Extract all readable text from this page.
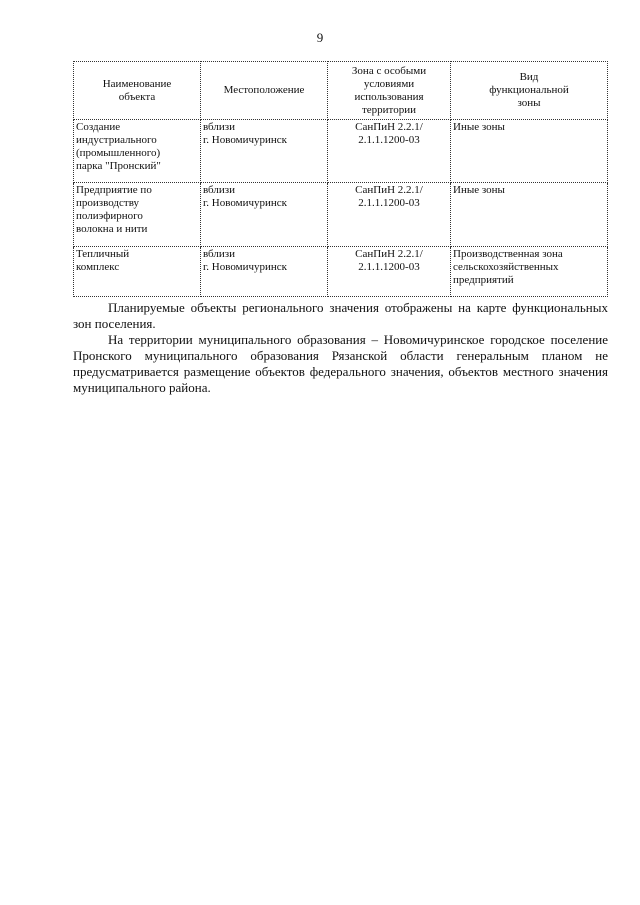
9
Наименование
объекта	Местоположение	Зона с особыми
условиями
использования
территории	Вид
функциональной
зоны

Создание
индустриального
(промышленного)
парка "Пронский"	вблизи
г. Новомичуринск	СанПиН 2.2.1/
2.1.1.1200-03	Иные зоны

Предприятие по
производству
полиэфирного
волокна и нити	вблизи
г. Новомичуринск	СанПиН 2.2.1/
2.1.1.1200-03	Иные зоны

Тепличный
комплекс	вблизи
г. Новомичуринск	СанПиН 2.2.1/
2.1.1.1200-03	Производственная зона
сельскохозяйственных
предприятий

Планируемые объекты регионального значения отображены на карте функциональных зон поселения.

На территории муниципального образования – Новомичуринское городское поселение Пронского муниципального образования Рязанской области генеральным планом не предусматривается размещение объектов федерального значения, объектов местного значения муниципального района.
